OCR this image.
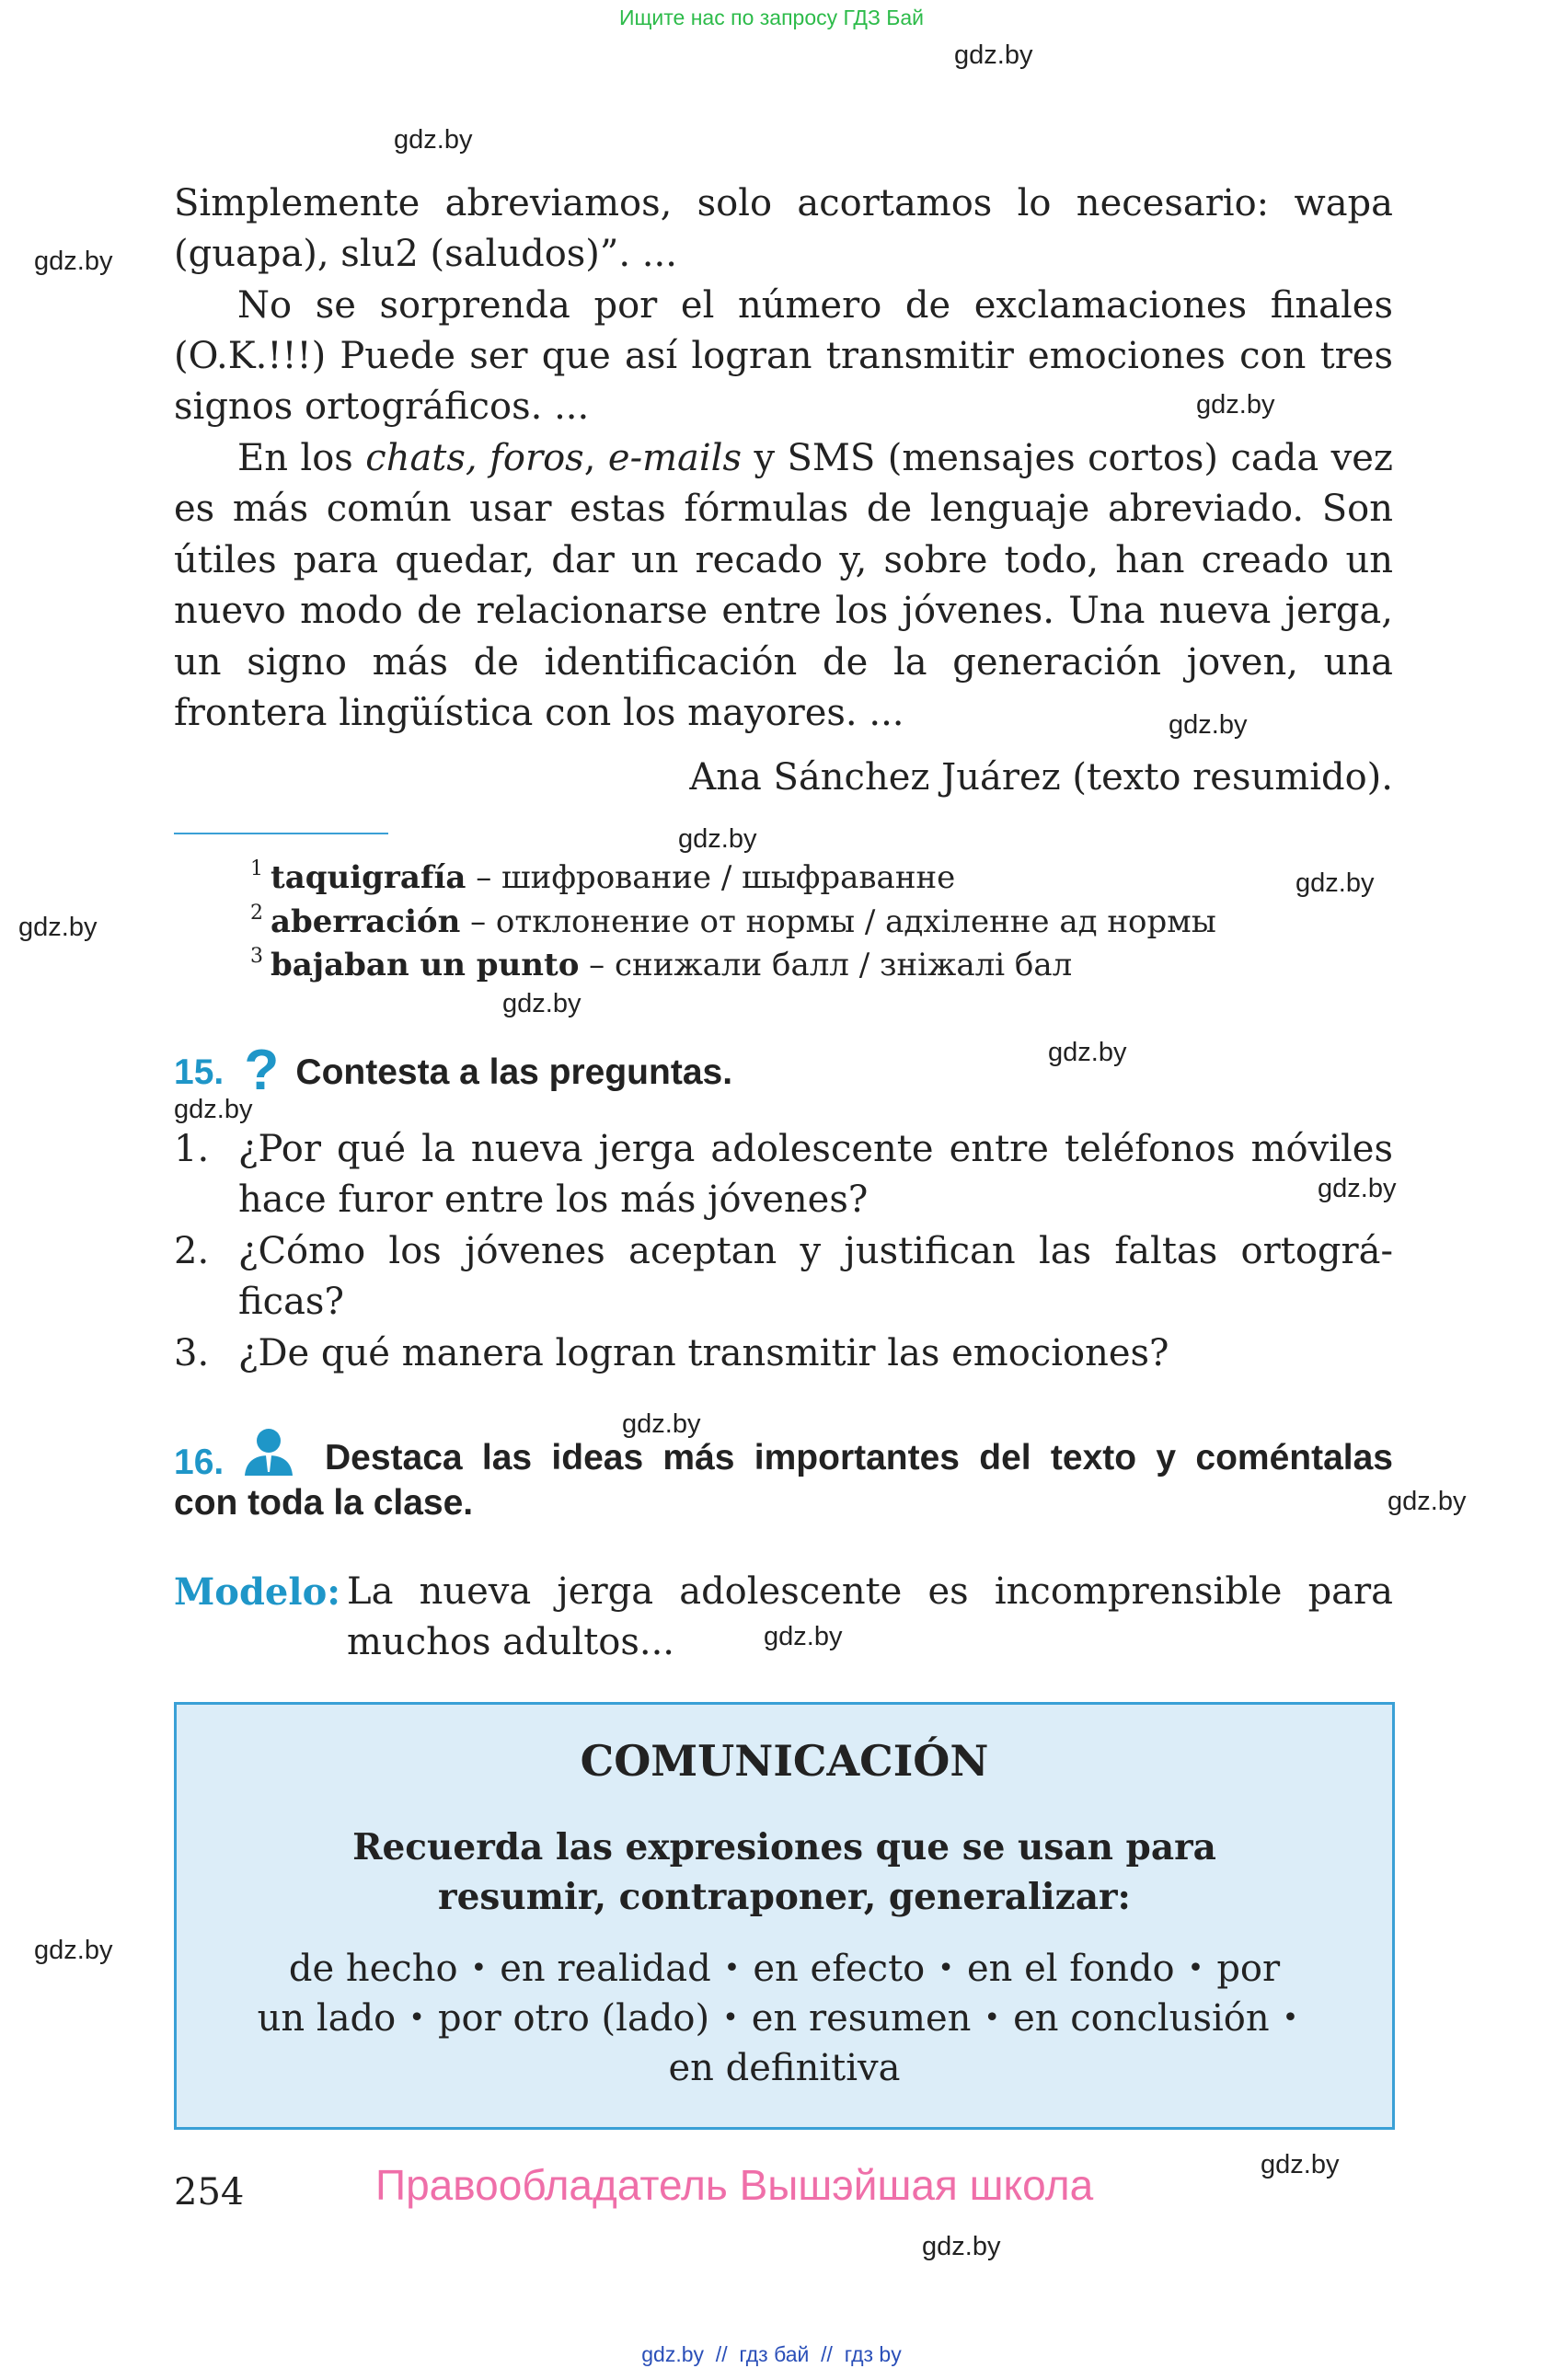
Ищите нас по запросу ГДЗ Бай
gdz.by
gdz.by
gdz.by
gdz.by
gdz.by
gdz.by
gdz.by
gdz.by
gdz.by
gdz.by
gdz.by
gdz.by
gdz.by
gdz.by
gdz.by
gdz.by
gdz.by
gdz.by
Simplemente abreviamos, solo acortamos lo necesario: wapa
(guapa), slu2 (saludos)”. ...
No se sorprenda por el número de exclamaciones finales
(O.K.!!!) Puede ser que así logran transmitir emociones con tres
signos ortográficos. ...
En los chats, foros, e-mails y SMS (mensajes cortos) cada vez
es más común usar estas fórmulas de lenguaje abreviado. Son
útiles para quedar, dar un recado y, sobre todo, han creado un
nuevo modo de relacionarse entre los jóvenes. Una nueva jerga,
un signo más de identificación de la generación joven, una
frontera lingüística con los mayores. ...
Ana Sánchez Juárez (texto resumido).
$^1$ taquigrafía – шифрование / шыфраванне
$^2$ aberración – отклонение от нормы / адхіленне ад нормы
$^3$ bajaban un punto – снижали балл / зніжалі бал
15. ? Contesta a las preguntas.
1. ¿Por qué la nueva jerga adolescente entre teléfonos móviles
hace furor entre los más jóvenes?
2. ¿Cómo los jóvenes aceptan y justifican las faltas ortográ-
ficas?
3. ¿De qué manera logran transmitir las emociones?
16.	Destaca las ideas más importantes del texto y coméntalas
con toda la clase.
Modelo: La nueva jerga adolescente es incomprensible para
muchos adultos...
COMUNICACIÓN
Recuerda las expresiones que se usan para
resumir, contraponer, generalizar:
de hecho • en realidad • en efecto • en el fondo • por
un lado • por otro (lado) • en resumen • en conclusión •
en definitiva
254	Правообладатель Вышэйшая школа
gdz.by  //  гдз бай  //  гдз by
